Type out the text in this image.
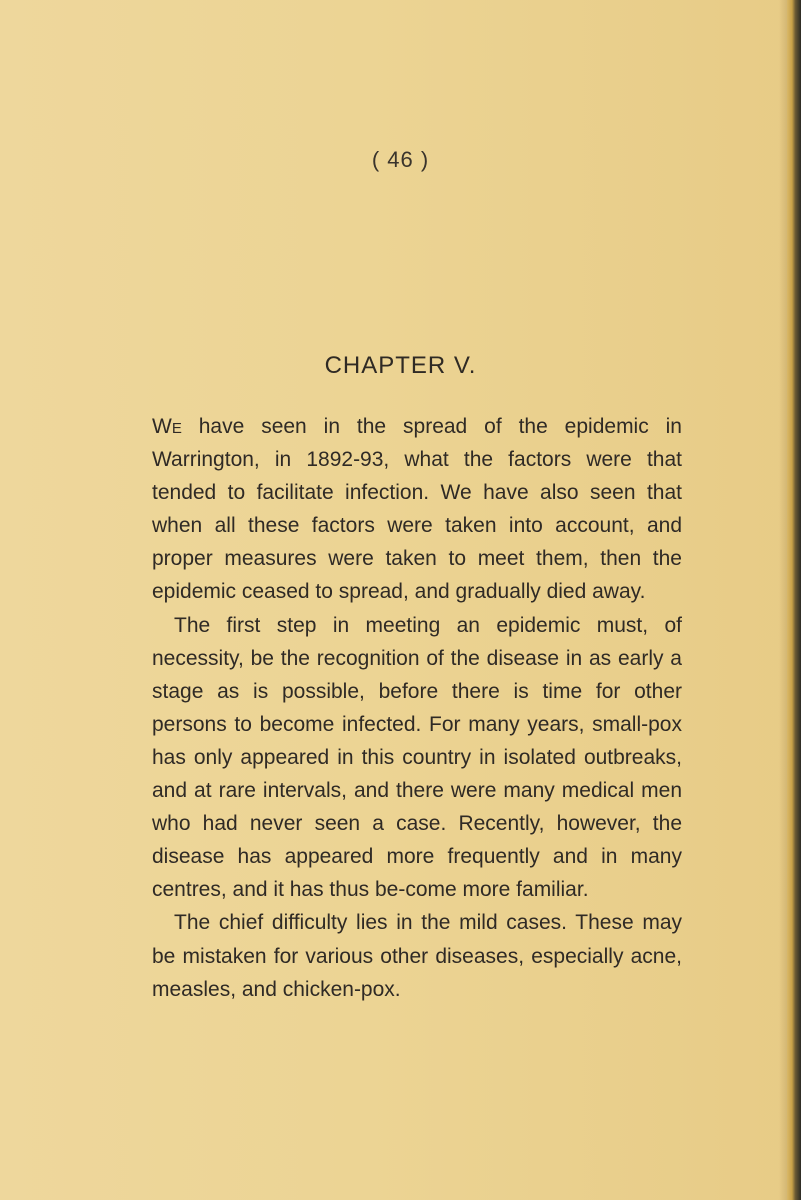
( 46 )
CHAPTER V.

We have seen in the spread of the epidemic in Warrington, in 1892-93, what the factors were that tended to facilitate infection. We have also seen that when all these factors were taken into account, and proper measures were taken to meet them, then the epidemic ceased to spread, and gradually died away.

The first step in meeting an epidemic must, of necessity, be the recognition of the disease in as early a stage as is possible, before there is time for other persons to become infected. For many years, small-pox has only appeared in this country in isolated outbreaks, and at rare intervals, and there were many medical men who had never seen a case. Recently, however, the disease has appeared more frequently and in many centres, and it has thus be-come more familiar.

The chief difficulty lies in the mild cases. These may be mistaken for various other diseases, especially acne, measles, and chicken-pox.
